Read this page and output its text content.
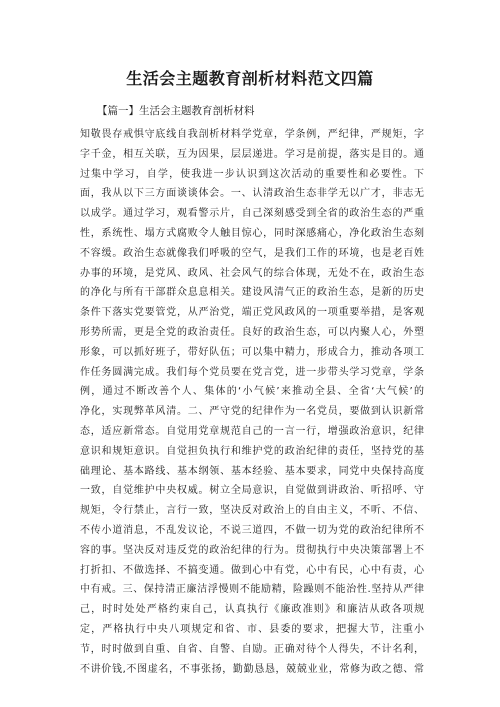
生活会主题教育剖析材料范文四篇

【篇一】生活会主题教育剖析材料

知敬畏存戒惧守底线自我剖析材料学党章，学条例，严纪律，严规矩，字
字千金，相互关联，互为因果，层层递进。学习是前提，落实是目的。通
过集中学习，自学，使我进一步认识到这次活动的重要性和必要性。下
面，我从以下三方面谈谈体会。一、认清政治生态非学无以广才，非志无
以成学。通过学习，观看警示片，自己深刻感受到全省的政治生态的严重
性，系统性、塌方式腐败令人触目惊心，同时深感痛心，净化政治生态刻
不容缓。政治生态就像我们呼吸的空气，是我们工作的环境，也是老百姓
办事的环境，是党风、政风、社会风气的综合体现，无处不在，政治生态
的净化与所有干部群众息息相关。建设风清气正的政治生态，是新的历史
条件下落实党要管党，从严治党，端正党风政风的一项重要举措，是客观
形势所需，更是全党的政治责任。良好的政治生态，可以内聚人心，外塑
形象，可以抓好班子，带好队伍；可以集中精力，形成合力，推动各项工
作任务圆满完成。我们每个党员要在党言党，进一步带头学习党章，学条
例，通过不断改善个人、集体的‘小气候’来推动全县、全省‘大气候’的
净化，实现弊革风清。二、严守党的纪律作为一名党员，要做到认识新常
态，适应新常态。自觉用党章规范自己的一言一行，增强政治意识，纪律
意识和规矩意识。自觉担负执行和维护党的政治纪律的责任，坚持党的基
础理论、基本路线、基本纲领、基本经验、基本要求，同党中央保持高度
一致，自觉维护中央权威。树立全局意识，自觉做到讲政治、听招呼、守
规矩，令行禁止，言行一致，坚决反对政治上的自由主义，不听、不信、
不传小道消息，不乱发议论，不说三道四，不做一切为党的政治纪律所不
容的事。坚决反对违反党的政治纪律的行为。贯彻执行中央决策部署上不
打折扣、不做选择、不搞变通。做到心中有党，心中有民，心中有责，心
中有戒。三、保持清正廉洁浮慢则不能励精，险躁则不能治性.坚持从严律
己，时时处处严格约束自己，认真执行《廉政准则》和廉洁从政各项规
定，严格执行中央八项规定和省、市、县委的要求，把握大节，注重小
节，时时做到自重、自省、自警、自励。正确对待个人得失，不计名利，
不讲价钱,不图虚名，不事张扬，勤勤恳恳，兢兢业业，常修为政之德、常
